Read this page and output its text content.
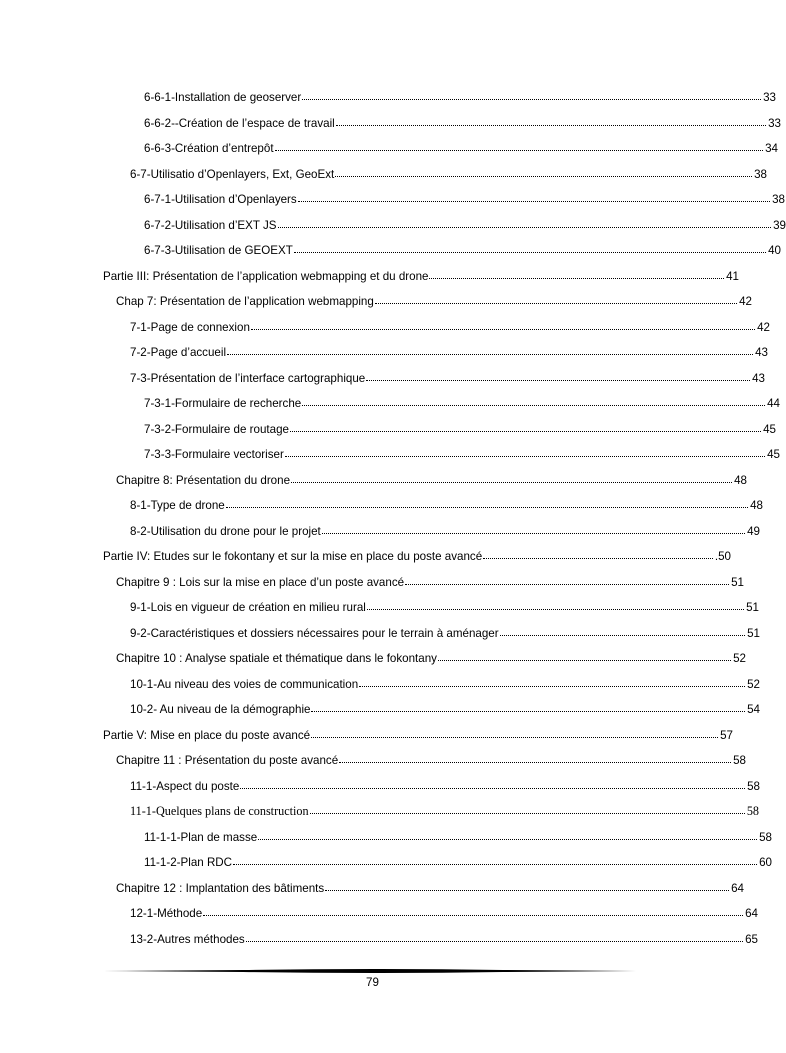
6-6-1-Installation de geoserver	33
6-6-2--Création de l’espace de travail	33
6-6-3-Création d’entrepôt	34
6-7-Utilisatio d’Openlayers, Ext, GeoExt	38
6-7-1-Utilisation d’Openlayers	38
6-7-2-Utilisation d’EXT JS	39
6-7-3-Utilisation de GEOEXT	40
Partie III: Présentation de l’application webmapping et du drone	41
Chap 7: Présentation de l’application webmapping	42
7-1-Page de connexion	42
7-2-Page d’accueil	43
7-3-Présentation de l’interface cartographique	43
7-3-1-Formulaire de recherche	44
7-3-2-Formulaire de routage	45
7-3-3-Formulaire vectoriser	45
Chapitre 8: Présentation du drone	48
8-1-Type de drone	48
8-2-Utilisation du drone pour le projet	49
Partie IV: Etudes sur le fokontany et sur la mise en place du poste avancé	.50
Chapitre 9 : Lois sur la mise en place d’un poste avancé	51
9-1-Lois en vigueur de création en milieu rural	51
9-2-Caractéristiques et dossiers nécessaires pour le terrain à aménager	51
Chapitre 10 : Analyse spatiale et thématique dans le fokontany	52
10-1-Au niveau des voies de communication	52
10-2- Au niveau de la démographie	54
Partie V: Mise en place du poste avancé	57
Chapitre 11 : Présentation du poste avancé	58
11-1-Aspect du poste	58
11-1-Quelques plans de construction	58
11-1-1-Plan de masse	58
11-1-2-Plan RDC	60
Chapitre 12 : Implantation des bâtiments	64
12-1-Méthode	64
13-2-Autres méthodes	65
79
